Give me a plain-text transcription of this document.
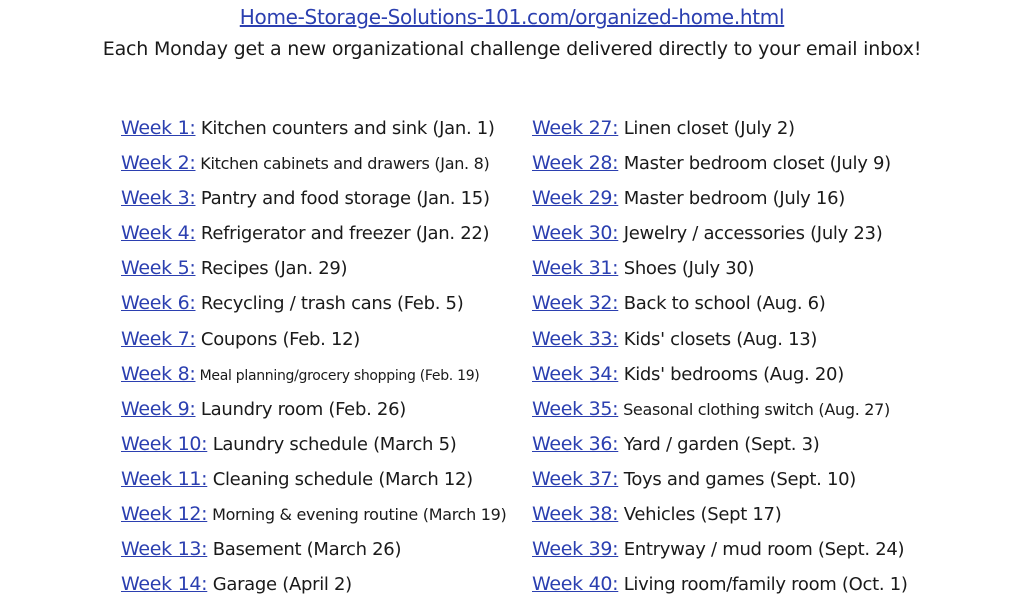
Home-Storage-Solutions-101.com/organized-home.html
Each Monday get a new organizational challenge delivered directly to your email inbox!
Week 1: Kitchen counters and sink (Jan. 1)
Week 2: Kitchen cabinets and drawers (Jan. 8)
Week 3: Pantry and food storage (Jan. 15)
Week 4: Refrigerator and freezer (Jan. 22)
Week 5: Recipes (Jan. 29)
Week 6: Recycling / trash cans (Feb. 5)
Week 7: Coupons (Feb. 12)
Week 8: Meal planning/grocery shopping (Feb. 19)
Week 9: Laundry room (Feb. 26)
Week 10: Laundry schedule (March 5)
Week 11: Cleaning schedule (March 12)
Week 12: Morning & evening routine (March 19)
Week 13: Basement (March 26)
Week 14: Garage (April 2)
Week 27: Linen closet (July 2)
Week 28: Master bedroom closet (July 9)
Week 29: Master bedroom (July 16)
Week 30: Jewelry / accessories (July 23)
Week 31: Shoes (July 30)
Week 32: Back to school (Aug. 6)
Week 33: Kids' closets (Aug. 13)
Week 34: Kids' bedrooms (Aug. 20)
Week 35: Seasonal clothing switch (Aug. 27)
Week 36: Yard / garden (Sept. 3)
Week 37: Toys and games (Sept. 10)
Week 38: Vehicles (Sept 17)
Week 39: Entryway / mud room (Sept. 24)
Week 40: Living room/family room (Oct. 1)
